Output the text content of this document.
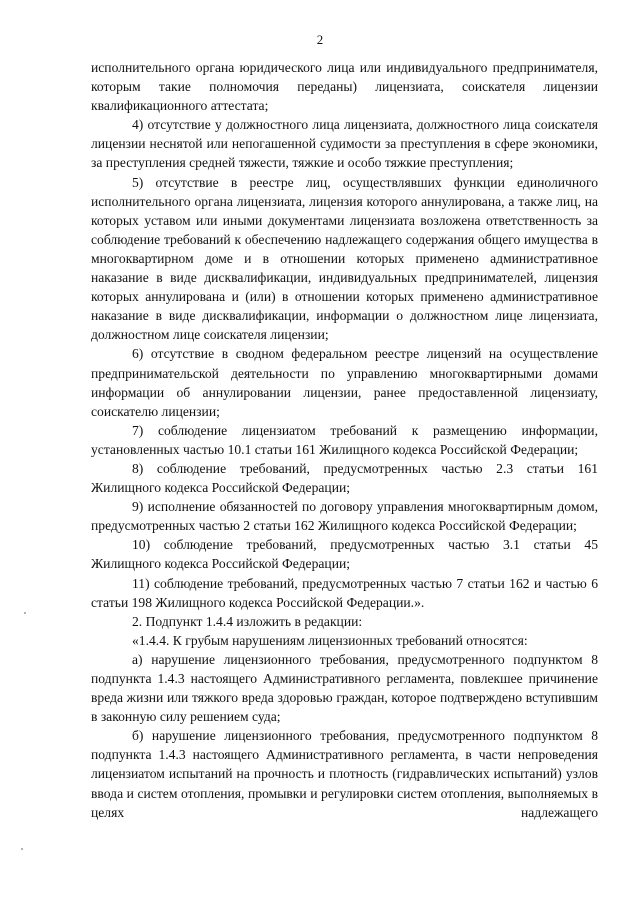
2

исполнительного органа юридического лица или индивидуального предпринимателя, которым такие полномочия переданы) лицензиата, соискателя лицензии квалификационного аттестата;

4) отсутствие у должностного лица лицензиата, должностного лица соискателя лицензии неснятой или непогашенной судимости за преступления в сфере экономики, за преступления средней тяжести, тяжкие и особо тяжкие преступления;

5) отсутствие в реестре лиц, осуществлявших функции единоличного исполнительного органа лицензиата, лицензия которого аннулирована, а также лиц, на которых уставом или иными документами лицензиата возложена ответственность за соблюдение требований к обеспечению надлежащего содержания общего имущества в многоквартирном доме и в отношении которых применено административное наказание в виде дисквалификации, индивидуальных предпринимателей, лицензия которых аннулирована и (или) в отношении которых применено административное наказание в виде дисквалификации, информации о должностном лице лицензиата, должностном лице соискателя лицензии;

6) отсутствие в сводном федеральном реестре лицензий на осуществление предпринимательской деятельности по управлению многоквартирными домами информации об аннулировании лицензии, ранее предоставленной лицензиату, соискателю лицензии;

7) соблюдение лицензиатом требований к размещению информации, установленных частью 10.1 статьи 161 Жилищного кодекса Российской Федерации;

8) соблюдение требований, предусмотренных частью 2.3 статьи 161 Жилищного кодекса Российской Федерации;

9) исполнение обязанностей по договору управления многоквартирным домом, предусмотренных частью 2 статьи 162 Жилищного кодекса Российской Федерации;

10) соблюдение требований, предусмотренных частью 3.1 статьи 45 Жилищного кодекса Российской Федерации;

11) соблюдение требований, предусмотренных частью 7 статьи 162 и частью 6 статьи 198 Жилищного кодекса Российской Федерации.».

2. Подпункт 1.4.4 изложить в редакции:

«1.4.4. К грубым нарушениям лицензионных требований относятся:

а) нарушение лицензионного требования, предусмотренного подпунктом 8 подпункта 1.4.3 настоящего Административного регламента, повлекшее причинение вреда жизни или тяжкого вреда здоровью граждан, которое подтверждено вступившим в законную силу решением суда;

б) нарушение лицензионного требования, предусмотренного подпунктом 8 подпункта 1.4.3 настоящего Административного регламента, в части непроведения лицензиатом испытаний на прочность и плотность (гидравлических испытаний) узлов ввода и систем отопления, промывки и регулировки систем отопления, выполняемых в целях надлежащего
